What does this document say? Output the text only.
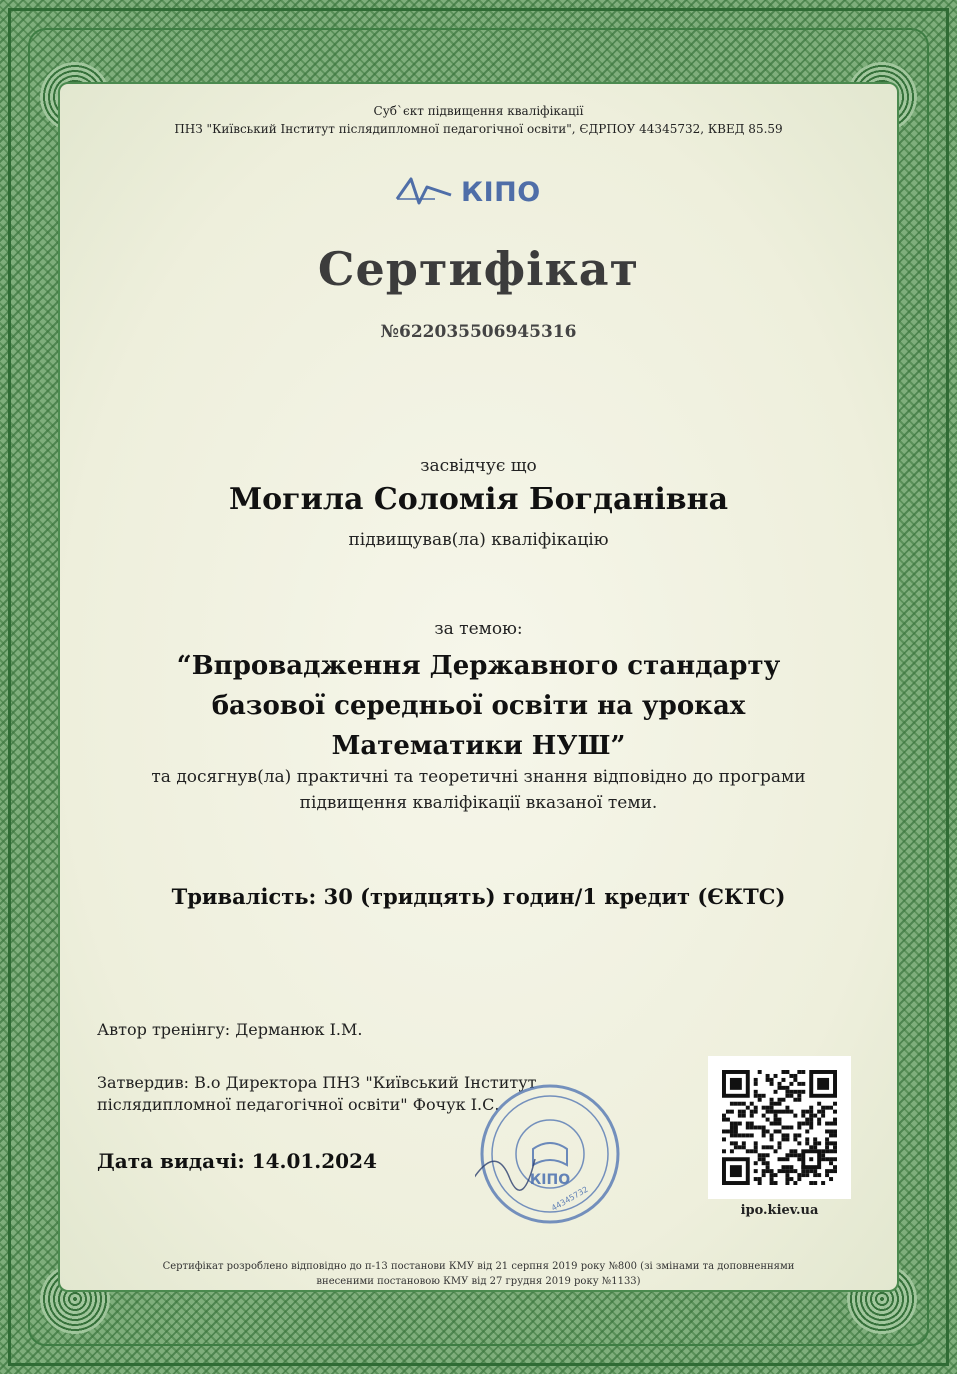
Суб`єкт підвищення кваліфікації
ПНЗ "Київський Інститут післядипломної педагогічної освіти", ЄДРПОУ 44345732, КВЕД 85.59
КІПО
Сертифікат
№622035506945316
засвідчує що
Могила Соломія Богданівна
підвищував(ла) кваліфікацію
за темою:
“Впровадження Державного стандарту
базової середньої освіти на уроках
Математики НУШ”
та досягнув(ла) практичні та теоретичні знання відповідно до програми
підвищення кваліфікації вказаної теми.
Тривалість: 30 (тридцять) годин/1 кредит (ЄКТС)
Автор тренінгу: Дерманюк І.М.
Затвердив: В.о Директора ПНЗ "Київський Інститут
післядипломної педагогічної освіти" Фочук І.С.
Дата видачі: 14.01.2024
КІПО
44345732	ipo.kiev.ua
Сертифікат розроблено відповідно до п-13 постанови КМУ від 21 серпня 2019 року №800 (зі змінами та доповненнями
внесеними постановою КМУ від 27 грудня 2019 року №1133)
